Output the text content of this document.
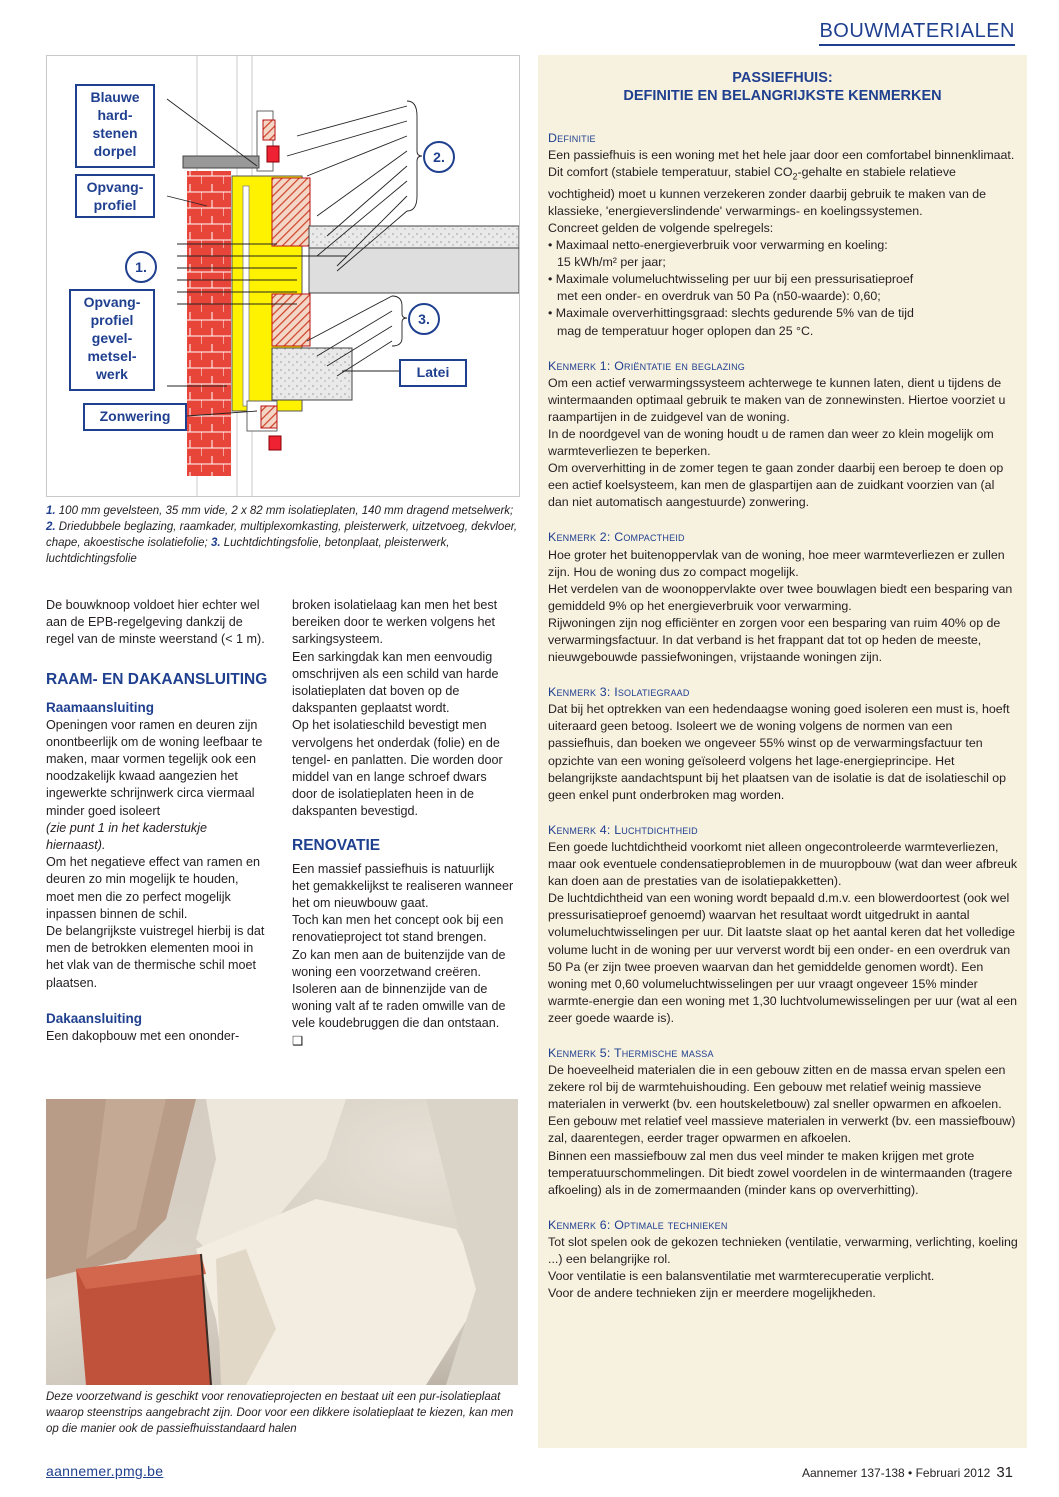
BOUWMATERIALEN
Blauwe
hard-
stenen
dorpel
Opvang-
profiel
Opvang-
profiel
gevel-
metsel-
werk
Zonwering
Latei
1.
2.
3.
1. 100 mm gevelsteen, 35 mm vide, 2 x 82 mm isolatieplaten, 140 mm dragend metselwerk; 2. Driedubbele beglazing, raamkader, multiplexomkasting, pleisterwerk, uitzetvoeg, dekvloer, chape, akoestische isolatiefolie; 3. Luchtdichtingsfolie, betonplaat, pleisterwerk, luchtdichtingsfolie

De bouwknoop voldoet hier echter wel aan de EPB-regelgeving dankzij de regel van de minste weerstand (< 1 m).

RAAM- EN DAKAANSLUITING

Raamaansluiting

Openingen voor ramen en deuren zijn onontbeerlijk om de woning leefbaar te maken, maar vormen tegelijk ook een noodzakelijk kwaad aangezien het ingewerkte schrijnwerk circa viermaal minder goed isoleert

(zie punt 1 in het kaderstukje hiernaast).

Om het negatieve effect van ramen en deuren zo min mogelijk te houden, moet men die zo perfect mogelijk inpassen binnen de schil.

De belangrijkste vuistregel hierbij is dat men de betrokken elementen mooi in het vlak van de thermische schil moet plaatsen.

Dakaansluiting

Een dakopbouw met een ononder-

broken isolatielaag kan men het best bereiken door te werken volgens het sarkingsysteem.

Een sarkingdak kan men eenvoudig omschrijven als een schild van harde isolatieplaten dat boven op de dakspanten geplaatst wordt.

Op het isolatieschild bevestigt men vervolgens het onderdak (folie) en de tengel- en panlatten. Die worden door middel van en lange schroef dwars door de isolatieplaten heen in de dakspanten bevestigd.

RENOVATIE

Een massief passiefhuis is natuurlijk het gemakkelijkst te realiseren wanneer het om nieuwbouw gaat.

Toch kan men het concept ook bij een renovatieproject tot stand brengen.

Zo kan men aan de buitenzijde van de woning een voorzetwand creëren.

Isoleren aan de binnenzijde van de woning valt af te raden omwille van de vele koudebruggen die dan ontstaan. ❑

Deze voorzetwand is geschikt voor renovatieprojecten en bestaat uit een pur-isolatieplaat waarop steenstrips aangebracht zijn. Door voor een dikkere isolatieplaat te kiezen, kan men op die manier ook de passiefhuisstandaard halen
PASSIEFHUIS:
DEFINITIE EN BELANGRIJKSTE KENMERKEN

Definitie

Een passiefhuis is een woning met het hele jaar door een comfortabel binnenklimaat. Dit comfort (stabiele temperatuur, stabiel $CO_2$-gehalte en stabiele relatieve vochtigheid) moet u kunnen verzekeren zonder daarbij gebruik te maken van de klassieke, 'energieverslindende' verwarmings- en koelingssystemen.

Concreet gelden de volgende spelregels:

• Maximaal netto-energieverbruik voor verwarming en koeling:

15 kWh/m² per jaar;

• Maximale volumeluchtwisseling per uur bij een pressurisatieproef

met een onder- en overdruk van 50 Pa (n50-waarde): 0,60;

• Maximale oververhittingsgraad: slechts gedurende 5% van de tijd

mag de temperatuur hoger oplopen dan 25 °C.

Kenmerk 1: Oriëntatie en beglazing

Om een actief verwarmingssysteem achterwege te kunnen laten, dient u tijdens de wintermaanden optimaal gebruik te maken van de zonnewinsten. Hiertoe voorziet u raampartijen in de zuidgevel van de woning.

In de noordgevel van de woning houdt u de ramen dan weer zo klein mogelijk om warmteverliezen te beperken.

Om oververhitting in de zomer tegen te gaan zonder daarbij een beroep te doen op een actief koelsysteem, kan men de glaspartijen aan de zuidkant voorzien van (al dan niet automatisch aangestuurde) zonwering.

Kenmerk 2: Compactheid

Hoe groter het buitenoppervlak van de woning, hoe meer warmteverliezen er zullen zijn. Hou de woning dus zo compact mogelijk.

Het verdelen van de woonoppervlakte over twee bouwlagen biedt een besparing van gemiddeld 9% op het energieverbruik voor verwarming.

Rijwoningen zijn nog efficiënter en zorgen voor een besparing van ruim 40% op de verwarmingsfactuur. In dat verband is het frappant dat tot op heden de meeste, nieuwgebouwde passiefwoningen, vrijstaande woningen zijn.

Kenmerk 3: Isolatiegraad

Dat bij het optrekken van een hedendaagse woning goed isoleren een must is, hoeft uiteraard geen betoog. Isoleert we de woning volgens de normen van een passiefhuis, dan boeken we ongeveer 55% winst op de verwarmingsfactuur ten opzichte van een woning geïsoleerd volgens het lage-energieprincipe. Het belangrijkste aandachtspunt bij het plaatsen van de isolatie is dat de isolatieschil op geen enkel punt onderbroken mag worden.

Kenmerk 4: Luchtdichtheid

Een goede luchtdichtheid voorkomt niet alleen ongecontroleerde warmteverliezen, maar ook eventuele condensatieproblemen in de muuropbouw (wat dan weer afbreuk kan doen aan de prestaties van de isolatiepakketten).

De luchtdichtheid van een woning wordt bepaald d.m.v. een blowerdoortest (ook wel pressurisatieproef genoemd) waarvan het resultaat wordt uitgedrukt in aantal volumeluchtwisselingen per uur. Dit laatste slaat op het aantal keren dat het volledige volume lucht in de woning per uur ververst wordt bij een onder- en een overdruk van 50 Pa (er zijn twee proeven waarvan dan het gemiddelde genomen wordt). Een woning met 0,60 volumeluchtwisselingen per uur vraagt ongeveer 15% minder warmte-energie dan een woning met 1,30 luchtvolumewisselingen per uur (wat al een zeer goede waarde is).

Kenmerk 5: Thermische massa

De hoeveelheid materialen die in een gebouw zitten en de massa ervan spelen een zekere rol bij de warmtehuishouding. Een gebouw met relatief weinig massieve materialen in verwerkt (bv. een houtskeletbouw) zal sneller opwarmen en afkoelen. Een gebouw met relatief veel massieve materialen in verwerkt (bv. een massiefbouw) zal, daarentegen, eerder trager opwarmen en afkoelen.

Binnen een massiefbouw zal men dus veel minder te maken krijgen met grote temperatuurschommelingen. Dit biedt zowel voordelen in de wintermaanden (tragere afkoeling) als in de zomermaanden (minder kans op oververhitting).

Kenmerk 6: Optimale technieken

Tot slot spelen ook de gekozen technieken (ventilatie, verwarming, verlichting, koeling ...) een belangrijke rol.

Voor ventilatie is een balansventilatie met warmterecuperatie verplicht.

Voor de andere technieken zijn er meerdere mogelijkheden.

aannemer.pmg.be	Aannemer 137-138 • Februari 2012 31
